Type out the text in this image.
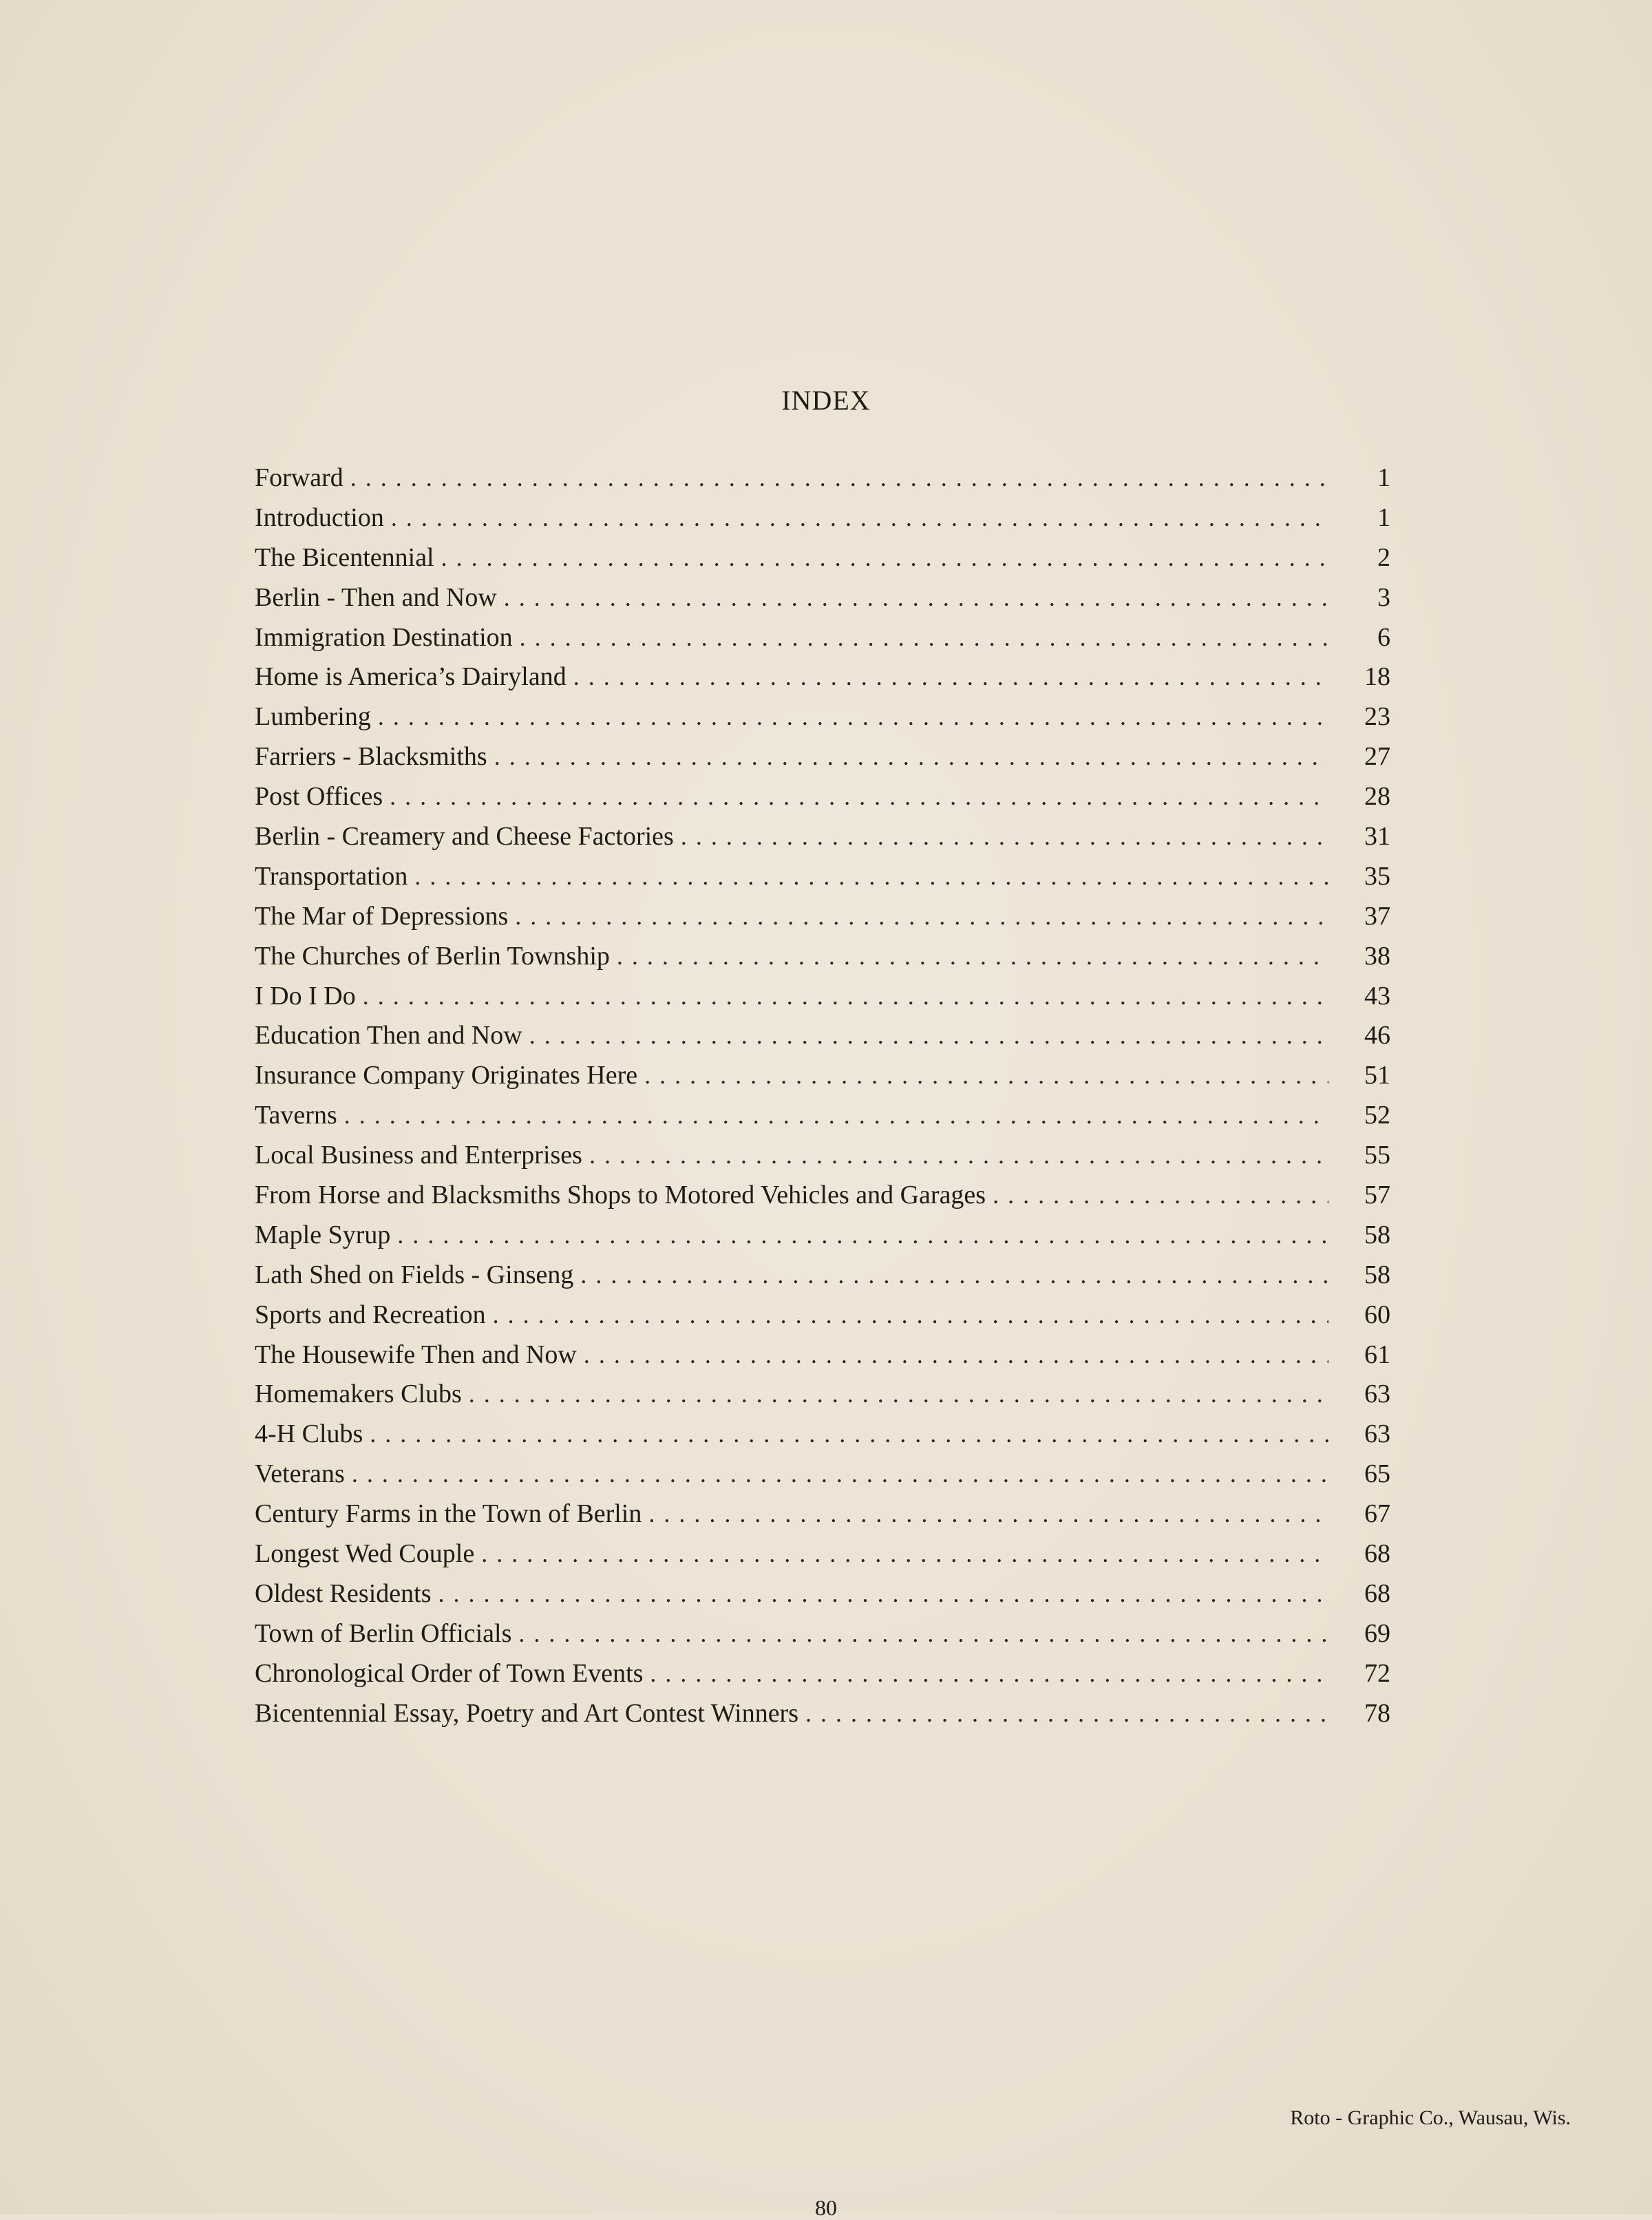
INDEX
Forward . . .	1
Introduction . . .	1
The Bicentennial . . .	2
Berlin - Then and Now . . .	3
Immigration Destination . . .	6
Home is America’s Dairyland . . .	18
Lumbering . . .	23
Farriers - Blacksmiths . . .	27
Post Offices . . .	28
Berlin - Creamery and Cheese Factories . . .	31
Transportation . . .	35
The Mar of Depressions . . .	37
The Churches of Berlin Township . . .	38
I Do I Do . . .	43
Education Then and Now . . .	46
Insurance Company Originates Here . . .	51
Taverns . . .	52
Local Business and Enterprises . . .	55
From Horse and Blacksmiths Shops to Motored Vehicles and Garages . . .	57
Maple Syrup . . .	58
Lath Shed on Fields - Ginseng . . .	58
Sports and Recreation . . .	60
The Housewife Then and Now . . .	61
Homemakers Clubs . . .	63
4-H Clubs . . .	63
Veterans . . .	65
Century Farms in the Town of Berlin . . .	67
Longest Wed Couple . . .	68
Oldest Residents . . .	68
Town of Berlin Officials . . .	69
Chronological Order of Town Events . . .	72
Bicentennial Essay, Poetry and Art Contest Winners . . .	78
Roto - Graphic Co., Wausau, Wis.
80
